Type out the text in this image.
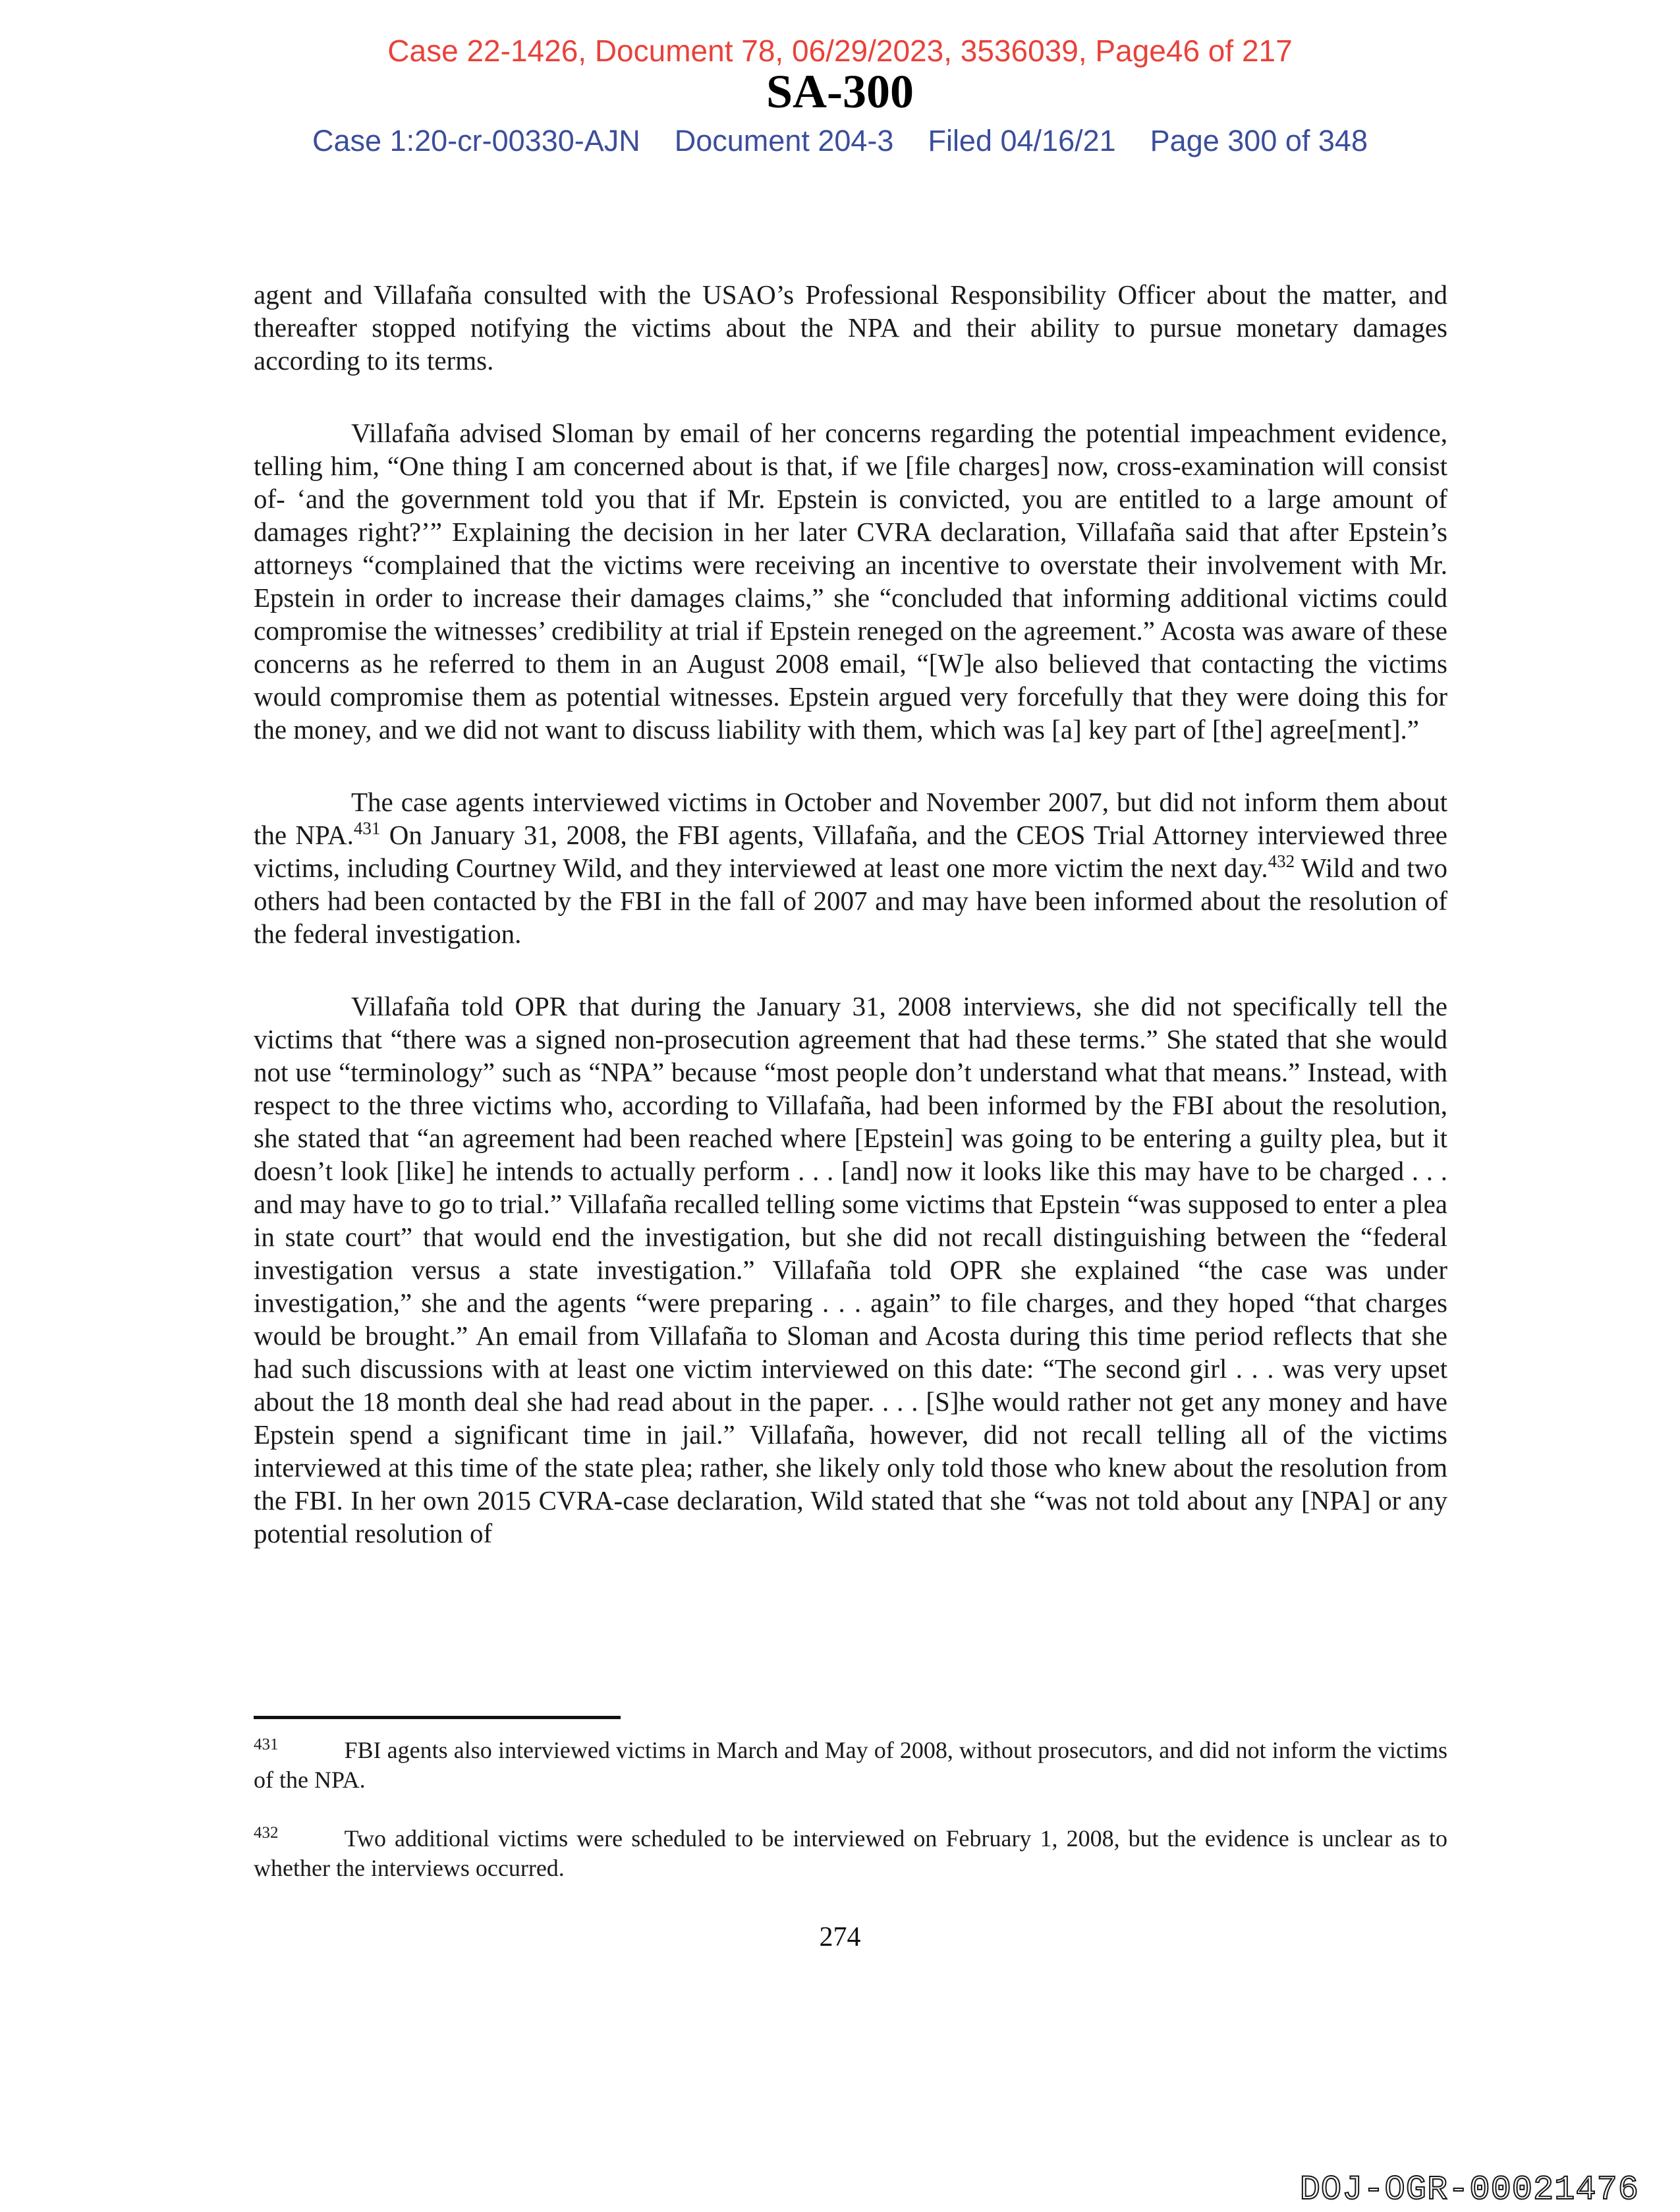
Case 22-1426, Document 78, 06/29/2023, 3536039, Page46 of 217
SA-300
Case 1:20-cr-00330-AJN Document 204-3 Filed 04/16/21 Page 300 of 348

agent and Villafaña consulted with the USAO’s Professional Responsibility Officer about the matter, and thereafter stopped notifying the victims about the NPA and their ability to pursue monetary damages according to its terms.

Villafaña advised Sloman by email of her concerns regarding the potential impeachment evidence, telling him, “One thing I am concerned about is that, if we [file charges] now, cross-examination will consist of- ‘and the government told you that if Mr. Epstein is convicted, you are entitled to a large amount of damages right?’” Explaining the decision in her later CVRA declaration, Villafaña said that after Epstein’s attorneys “complained that the victims were receiving an incentive to overstate their involvement with Mr. Epstein in order to increase their damages claims,” she “concluded that informing additional victims could compromise the witnesses’ credibility at trial if Epstein reneged on the agreement.” Acosta was aware of these concerns as he referred to them in an August 2008 email, “[W]e also believed that contacting the victims would compromise them as potential witnesses. Epstein argued very forcefully that they were doing this for the money, and we did not want to discuss liability with them, which was [a] key part of [the] agree[ment].”

The case agents interviewed victims in October and November 2007, but did not inform them about the NPA.$^{431}$ On January 31, 2008, the FBI agents, Villafaña, and the CEOS Trial Attorney interviewed three victims, including Courtney Wild, and they interviewed at least one more victim the next day.$^{432}$ Wild and two others had been contacted by the FBI in the fall of 2007 and may have been informed about the resolution of the federal investigation.

Villafaña told OPR that during the January 31, 2008 interviews, she did not specifically tell the victims that “there was a signed non-prosecution agreement that had these terms.” She stated that she would not use “terminology” such as “NPA” because “most people don’t understand what that means.” Instead, with respect to the three victims who, according to Villafaña, had been informed by the FBI about the resolution, she stated that “an agreement had been reached where [Epstein] was going to be entering a guilty plea, but it doesn’t look [like] he intends to actually perform . . . [and] now it looks like this may have to be charged . . . and may have to go to trial.” Villafaña recalled telling some victims that Epstein “was supposed to enter a plea in state court” that would end the investigation, but she did not recall distinguishing between the “federal investigation versus a state investigation.” Villafaña told OPR she explained “the case was under investigation,” she and the agents “were preparing . . . again” to file charges, and they hoped “that charges would be brought.” An email from Villafaña to Sloman and Acosta during this time period reflects that she had such discussions with at least one victim interviewed on this date: “The second girl . . . was very upset about the 18 month deal she had read about in the paper. . . . [S]he would rather not get any money and have Epstein spend a significant time in jail.” Villafaña, however, did not recall telling all of the victims interviewed at this time of the state plea; rather, she likely only told those who knew about the resolution from the FBI. In her own 2015 CVRA-case declaration, Wild stated that she “was not told about any [NPA] or any potential resolution of

$^{431}$	FBI agents also interviewed victims in March and May of 2008, without prosecutors, and did not inform the victims of the NPA.
$^{432}$	Two additional victims were scheduled to be interviewed on February 1, 2008, but the evidence is unclear as to whether the interviews occurred.
274
DOJ-OGR-00021476
